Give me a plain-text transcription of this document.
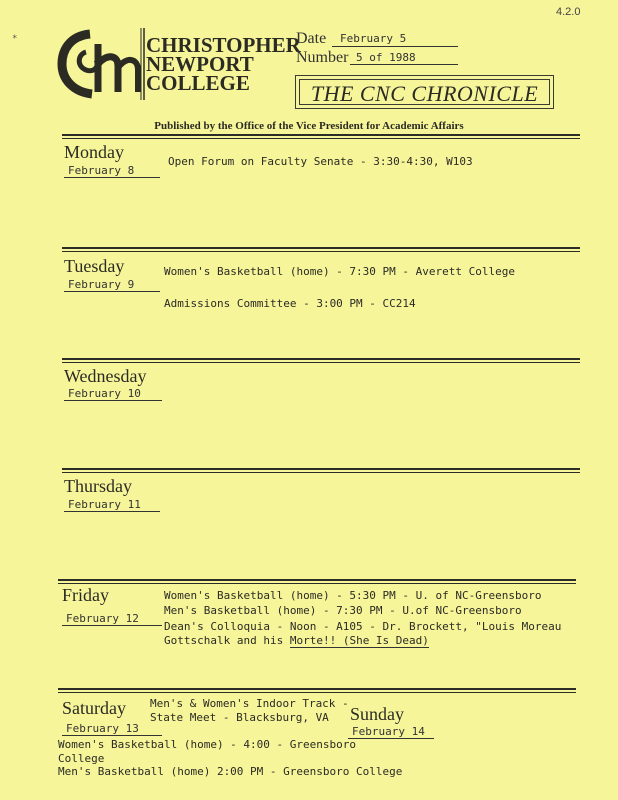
4.2.0
*	CHRISTOPHER
NEWPORT
COLLEGE
Date February 5
Number 5 of 1988
THE CNC CHRONICLE
Published by the Office of the Vice President for Academic Affairs
Monday
February 8
Open Forum on Faculty Senate - 3:30-4:30, W103
Tuesday
February 9
Women's Basketball (home) - 7:30 PM - Averett College
Admissions Committee - 3:00 PM - CC214
Wednesday
February 10
Thursday
February 11
Friday
February 12
Women's Basketball (home) - 5:30 PM - U. of NC-Greensboro
Men's Basketball (home) - 7:30 PM - U.of NC-Greensboro
Dean's Colloquia - Noon - A105 - Dr. Brockett, "Louis Moreau
Gottschalk and his Morte!! (She Is Dead)
Saturday
February 13
Men's & Women's Indoor Track -
State Meet - Blacksburg, VA
Women's Basketball (home) - 4:00 - Greensboro
College
Men's Basketball (home) 2:00 PM - Greensboro College
Sunday
February 14
